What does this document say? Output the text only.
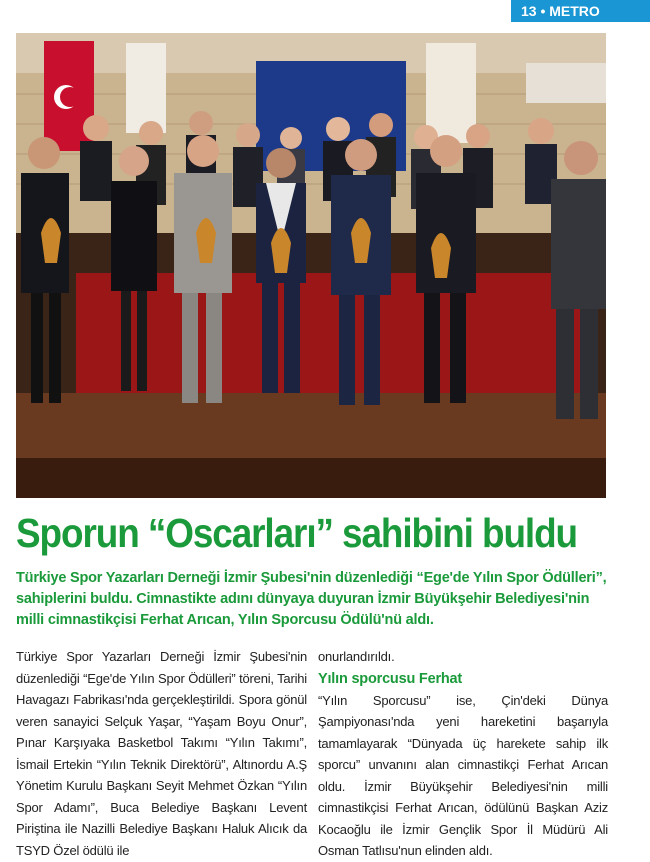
13 • METRO
Sporun “Oscarları” sahibini buldu
Türkiye Spor Yazarları Derneği İzmir Şubesi'nin düzenlediği “Ege'de Yılın Spor Ödülleri”, sahiplerini buldu. Cimnastikte adını dünyaya duyuran İzmir Büyükşehir Belediyesi'nin milli cimnastikçisi Ferhat Arıcan, Yılın Sporcusu Ödülü'nü aldı.

Türkiye Spor Yazarları Derneği İzmir Şubesi'nin düzenlediği “Ege'de Yılın Spor Ödülleri” töreni, Tarihi Havagazı Fabrikası'nda gerçekleştirildi. Spora gönül veren sanayici Selçuk Yaşar, “Yaşam Boyu Onur”, Pınar Karşıyaka Basketbol Takımı “Yılın Takımı”, İsmail Ertekin “Yılın Teknik Direktörü”, Altınordu A.Ş Yönetim Kurulu Başkanı Seyit Mehmet Özkan “Yılın Spor Adamı”, Buca Belediye Başkanı Levent Piriştina ile Nazilli Belediye Başkanı Haluk Alıcık da TSYD Özel ödülü ile

onurlandırıldı.

Yılın sporcusu Ferhat

“Yılın Sporcusu” ise, Çin'deki Dünya Şampiyonası'nda yeni hareketini başarıyla tamamlayarak “Dünyada üç harekete sahip ilk sporcu” unvanını alan cimnastikçi Ferhat Arıcan oldu. İzmir Büyükşehir Belediyesi'nin milli cimnastikçisi Ferhat Arıcan, ödülünü Başkan Aziz Kocaoğlu ile İzmir Gençlik Spor İl Müdürü Ali Osman Tatlısu'nun elinden aldı.
